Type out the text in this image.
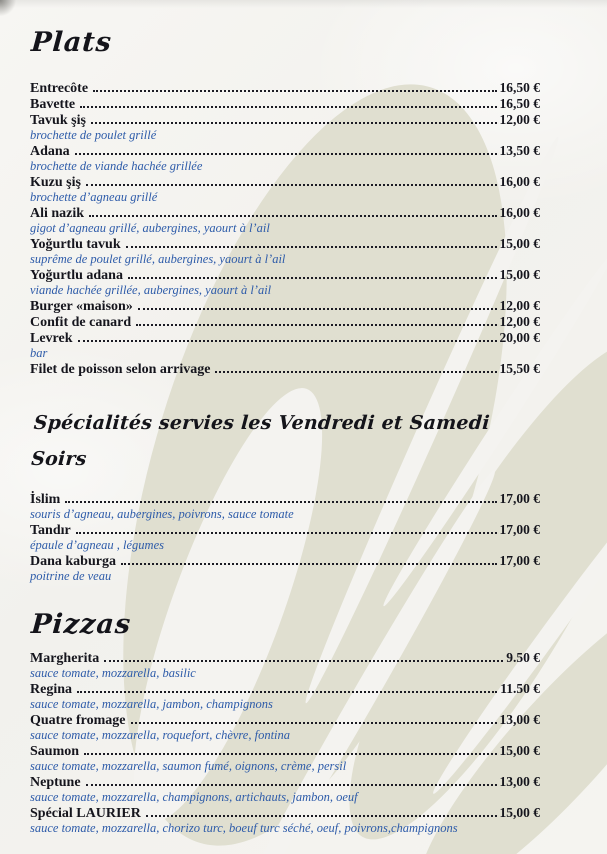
Plats
Entrecôte	16,50 €
Bavette	16,50 €
Tavuk şiş	12,00 €
brochette de poulet grillé
Adana	13,50 €
brochette de viande hachée grillée
Kuzu şiş	16,00 €
brochette d’agneau grillé
Ali nazik	16,00 €
gigot d’agneau grillé, aubergines, yaourt à l’ail
Yoğurtlu tavuk	15,00 €
suprême de poulet grillé, aubergines, yaourt à l’ail
Yoğurtlu adana	15,00 €
viande hachée grillée, aubergines, yaourt à l’ail
Burger «maison»	12,00 €
Confit de canard	12,00 €
Levrek	20,00 €
bar
Filet de poisson selon arrivage	15,50 €
Spécialités servies les Vendredi et Samedi Soirs
İslim	17,00 €
souris d’agneau, aubergines, poivrons, sauce tomate
Tandır	17,00 €
épaule d’agneau , légumes
Dana kaburga	17,00 €
poitrine de veau
Pizzas
Margherita	9.50 €
sauce tomate, mozzarella, basilic
Regina	11.50 €
sauce tomate, mozzarella, jambon, champignons
Quatre fromage	13,00 €
sauce tomate, mozzarella, roquefort, chèvre, fontina
Saumon	15,00 €
sauce tomate, mozzarella, saumon fumé, oignons, crème, persil
Neptune	13,00 €
sauce tomate, mozzarella, champignons, artichauts, jambon, oeuf
Spécial LAURIER	15,00 €
sauce tomate, mozzarella, chorizo turc, boeuf turc séché, oeuf, poivrons,champignons
